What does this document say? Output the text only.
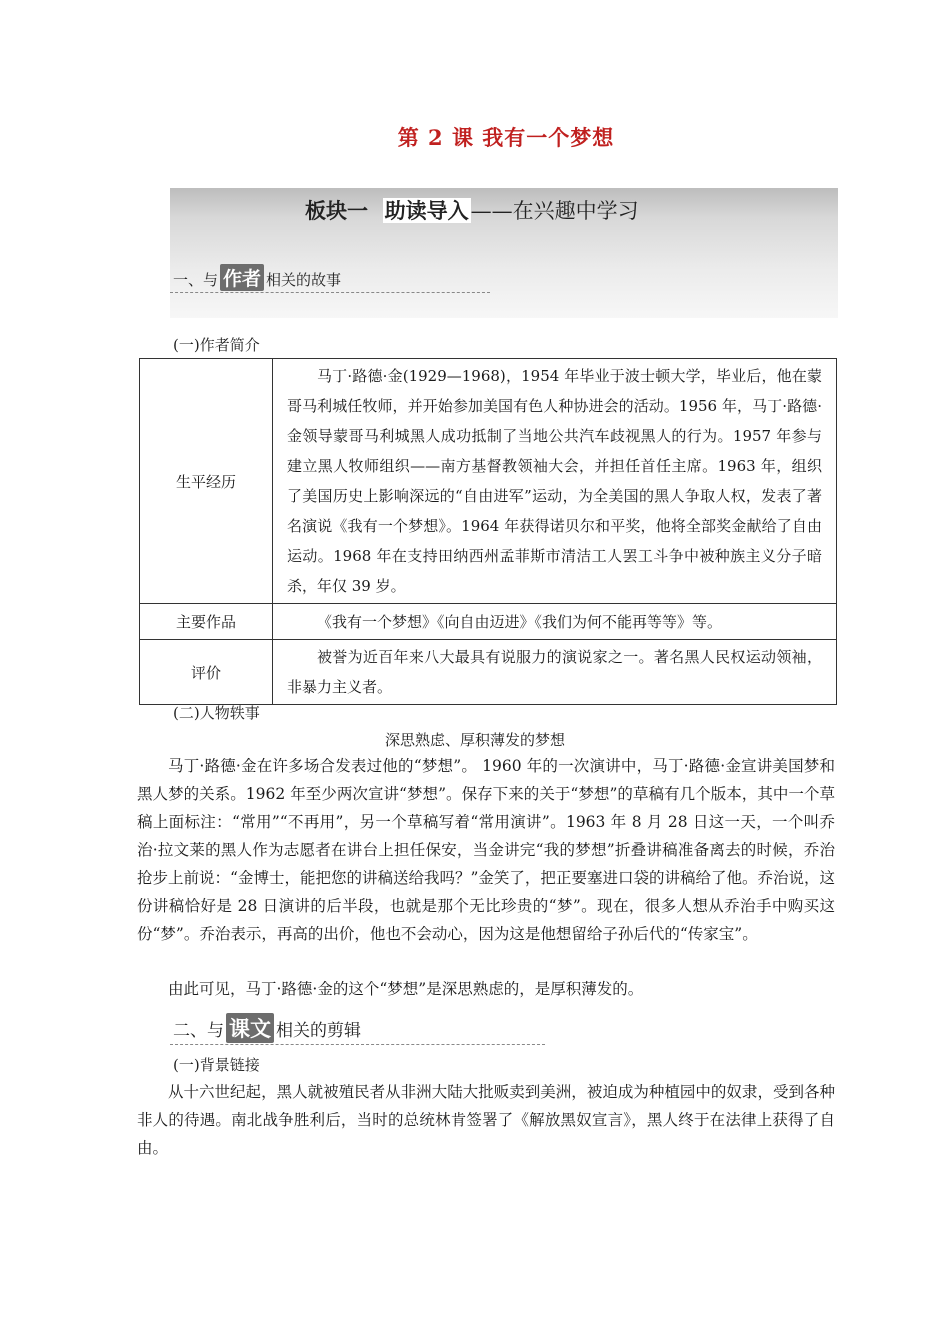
第 2 课 我有一个梦想
板块一 助读导入——在兴趣中学习
一、与 作者 相关的故事
(一)作者简介
生平经历	马丁·路德·金(1929—1968)，1954 年毕业于波士顿大学，毕业后，他在蒙哥马利城任牧师，并开始参加美国有色人种协进会的活动。1956 年，马丁·路德·金领导蒙哥马利城黑人成功抵制了当地公共汽车歧视黑人的行为。1957 年参与建立黑人牧师组织——南方基督教领袖大会，并担任首任主席。1963 年，组织了美国历史上影响深远的“自由进军”运动，为全美国的黑人争取人权，发表了著名演说《我有一个梦想》。1964 年获得诺贝尔和平奖，他将全部奖金献给了自由运动。1968 年在支持田纳西州孟菲斯市清洁工人罢工斗争中被种族主义分子暗杀，年仅 39 岁。
主要作品	《我有一个梦想》《向自由迈进》《我们为何不能再等等》等。
评价	被誉为近百年来八大最具有说服力的演说家之一。著名黑人民权运动领袖，非暴力主义者。
(二)人物轶事
深思熟虑、厚积薄发的梦想
马丁·路德·金在许多场合发表过他的“梦想”。 1960 年的一次演讲中，马丁·路德·金宣讲美国梦和黑人梦的关系。1962 年至少两次宣讲“梦想”。保存下来的关于“梦想”的草稿有几个版本，其中一个草稿上面标注：“常用”“不再用”，另一个草稿写着“常用演讲”。1963 年 8 月 28 日这一天，一个叫乔治·拉文莱的黑人作为志愿者在讲台上担任保安，当金讲完“我的梦想”折叠讲稿准备离去的时候，乔治抢步上前说：“金博士，能把您的讲稿送给我吗？”金笑了，把正要塞进口袋的讲稿给了他。乔治说，这份讲稿恰好是 28 日演讲的后半段，也就是那个无比珍贵的“梦”。现在，很多人想从乔治手中购买这份“梦”。乔治表示，再高的出价，他也不会动心，因为这是他想留给子孙后代的“传家宝”。
由此可见，马丁·路德·金的这个“梦想”是深思熟虑的，是厚积薄发的。
二、与 课文 相关的剪辑
(一)背景链接
从十六世纪起，黑人就被殖民者从非洲大陆大批贩卖到美洲，被迫成为种植园中的奴隶，受到各种非人的待遇。南北战争胜利后，当时的总统林肯签署了《解放黑奴宣言》，黑人终于在法律上获得了自由。
